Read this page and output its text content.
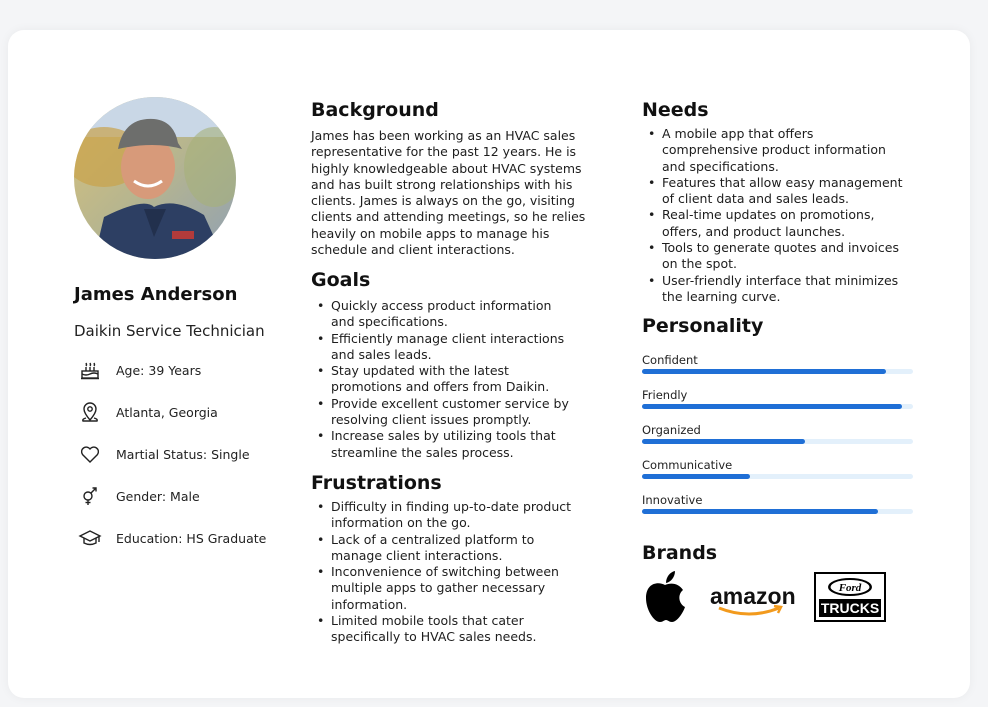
James Anderson
Daikin Service Technician
Age: 39 Years
Atlanta, Georgia
Martial Status: Single
Gender: Male
Education: HS Graduate
Background
James has been working as an HVAC sales
representative for the past 12 years. He is
highly knowledgeable about HVAC systems
and has built strong relationships with his
clients. James is always on the go, visiting
clients and attending meetings, so he relies
heavily on mobile apps to manage his
schedule and client interactions.
Goals
• Quickly access product information
and specifications.
• Efficiently manage client interactions
and sales leads.
• Stay updated with the latest
promotions and offers from Daikin.
• Provide excellent customer service by
resolving client issues promptly.
• Increase sales by utilizing tools that
streamline the sales process.
Frustrations
• Difficulty in finding up-to-date product
information on the go.
• Lack of a centralized platform to
manage client interactions.
• Inconvenience of switching between
multiple apps to gather necessary
information.
• Limited mobile tools that cater
specifically to HVAC sales needs.
Needs
• A mobile app that offers
comprehensive product information
and specifications.
• Features that allow easy management
of client data and sales leads.
• Real-time updates on promotions,
offers, and product launches.
• Tools to generate quotes and invoices
on the spot.
• User-friendly interface that minimizes
the learning curve.
Personality
Confident
Friendly
Organized
Communicative
Innovative
Brands
amazon	Ford
TRUCKS
